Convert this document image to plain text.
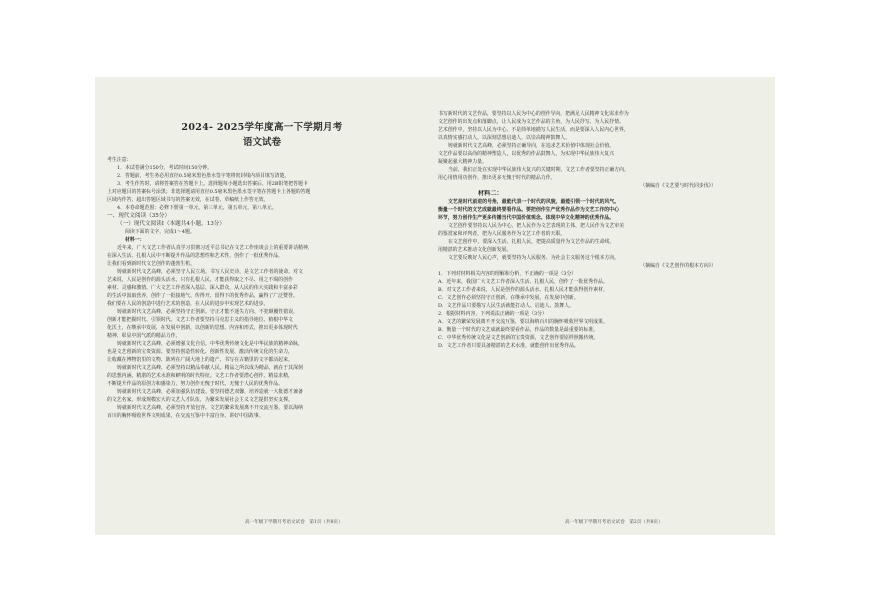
2024- 2025学年度高一下学期月考
语文试卷
考生注意：
1．本试卷满分150分，考试时间150分钟。
2．答题前，考生务必用直径0.5毫米黑色墨水签字笔将密封线内项目填写清楚。
3．考生作答时，请将答案答在答题卡上。选择题每小题选出答案后，用2B铅笔把答题卡
上对应题目的答案标号涂黑；非选择题请用直径0.5毫米黑色墨水签字笔在答题卡上各题的答题
区域内作答，超出答题区域书写的答案无效，在试卷、草稿纸上作答无效。
4．本卷命题范围：必修下册第一单元，第三单元，第五单元，第八单元。
一、现代文阅读（35分）
（一）现代文阅读Ⅰ（本题共4小题，13分）
阅读下面的文字，完成1～4题。
材料一：
近年来，广大文艺工作者认真学习贯彻习近平总书记在文艺工作座谈会上的重要讲话精神，
在深入生活、扎根人民中不断提升作品的思想性和艺术性，创作了一批优秀作品，
让我们看到新时代文艺创作的蓬勃生机。
铸就新时代文艺高峰，必须坚守人民立场。书写人民史诗，是文艺工作者的使命。对文
艺来说，人民是创作的源头活水，只有扎根人民，才能获得取之不尽、用之不竭的创作
素材、灵感和激情。广大文艺工作者深入基层、深入群众，从人民的伟大实践和丰富多彩
的生活中汲取营养，创作了一批接地气、传得开、留得下的优秀作品，赢得了广泛赞誉。
我们要在人民的创造中进行艺术的创造，在人民的进步中实现艺术的进步。
铸就新时代文艺高峰，必须坚持守正创新。守正才能不迷失方向、不犯颠覆性错误，
创新才能把握时代、引领时代。文艺工作者要坚持马克思主义的指导地位，植根中华文
化沃土，在继承中发展，在发展中创新，以创新的思想、内容和形式，推出更多体现时代
精神、彰显中国气派的精品力作。
铸就新时代文艺高峰，必须增强文化自信。中华优秀传统文化是中华民族的精神命脉，
也是文艺创新的宝贵资源。要坚持创造性转化、创新性发展，激活传统文化的生命力，
让收藏在博物馆里的文物、陈列在广阔大地上的遗产、书写在古籍里的文字都活起来。
铸就新时代文艺高峰，必须坚持以精品奉献人民。精品之所以成为精品，就在于其深刻
的思想内涵、精湛的艺术水准和鲜明的时代特征。文艺工作者要潜心创作、精益求精，
不断提升作品的原创力和感染力，努力创作无愧于时代、无愧于人民的优秀作品。
铸就新时代文艺高峰，必须加强队伍建设。要坚持德艺双馨，培养造就一大批德才兼备
的文艺名家，形成规模宏大的文艺人才队伍，为繁荣发展社会主义文艺提供坚实支撑。
铸就新时代文艺高峰，必须坚持开放包容。文艺的繁荣发展离不开交流互鉴，要以海纳
百川的胸怀吸收世界文明成果，在交流互鉴中丰富自身、讲好中国故事。
书写新时代的文艺作品，要坚持以人民为中心的创作导向，把满足人民精神文化需求作为
文艺创作的出发点和落脚点，让人民成为文艺作品的主角，为人民抒写、为人民抒情。
艺术创作中，坚持以人民为中心，不是简单地描写人民生活，而是要深入人民内心世界，
以真情实感打动人，以深刻思想启迪人，以崇高精神鼓舞人。
铸就新时代文艺高峰，必须坚持正确导向，在追求艺术价值中体现社会价值。
文艺作品要以高尚的精神塑造人，以优秀的作品鼓舞人，为实现中华民族伟大复兴
凝聚起强大精神力量。
当前，我们正处在实现中华民族伟大复兴的关键时期，文艺工作者要坚持正确方向，
用心用情用功创作，推出更多无愧于时代的精品力作。
（摘编自《文艺要与时代同步伐》）
材料二：
文艺是时代前进的号角，最能代表一个时代的风貌，最能引领一个时代的风气。
衡量一个时代的文艺成就最终要看作品。要把创作生产优秀作品作为文艺工作的中心
环节，努力创作生产更多传播当代中国价值观念、体现中华文化精神的优秀作品。
文艺创作要坚持以人民为中心，把人民作为文艺表现的主体，把人民作为文艺审美
的鉴赏家和评判者，把为人民服务作为文艺工作者的天职。
在文艺创作中，要深入生活、扎根人民，把提高质量作为文艺作品的生命线，
用精湛的艺术推动文化创新发展。
文艺要反映好人民心声，就要坚持为人民服务、为社会主义服务这个根本方向。
（摘编自《文艺创作的根本方向》）
1．下列对材料相关内容的理解和分析，不正确的一项是（3分）
A．近年来，我国广大文艺工作者深入生活、扎根人民，创作了一批优秀作品。
B．对文艺工作者来说，人民是创作的源头活水，扎根人民才能获得创作素材。
C．文艺创作必须坚持守正创新，在继承中发展，在发展中创新。
D．文艺作品只要描写人民生活就能打动人、启迪人、鼓舞人。
2．根据材料内容，下列说法正确的一项是（3分）
A．文艺的繁荣发展离不开交流互鉴，要以海纳百川的胸怀吸收世界文明成果。
B．衡量一个时代的文艺成就最终要看作品，作品的数量是最重要的标准。
C．中华优秀传统文化是文艺创新的宝贵资源，文艺创作要原样照搬传统。
D．文艺工作者只要具备精湛的艺术水准，就能创作出优秀作品。
高一年级下学期月考语文试卷　第1页（共8页）	高一年级下学期月考语文试卷　第2页（共8页）
